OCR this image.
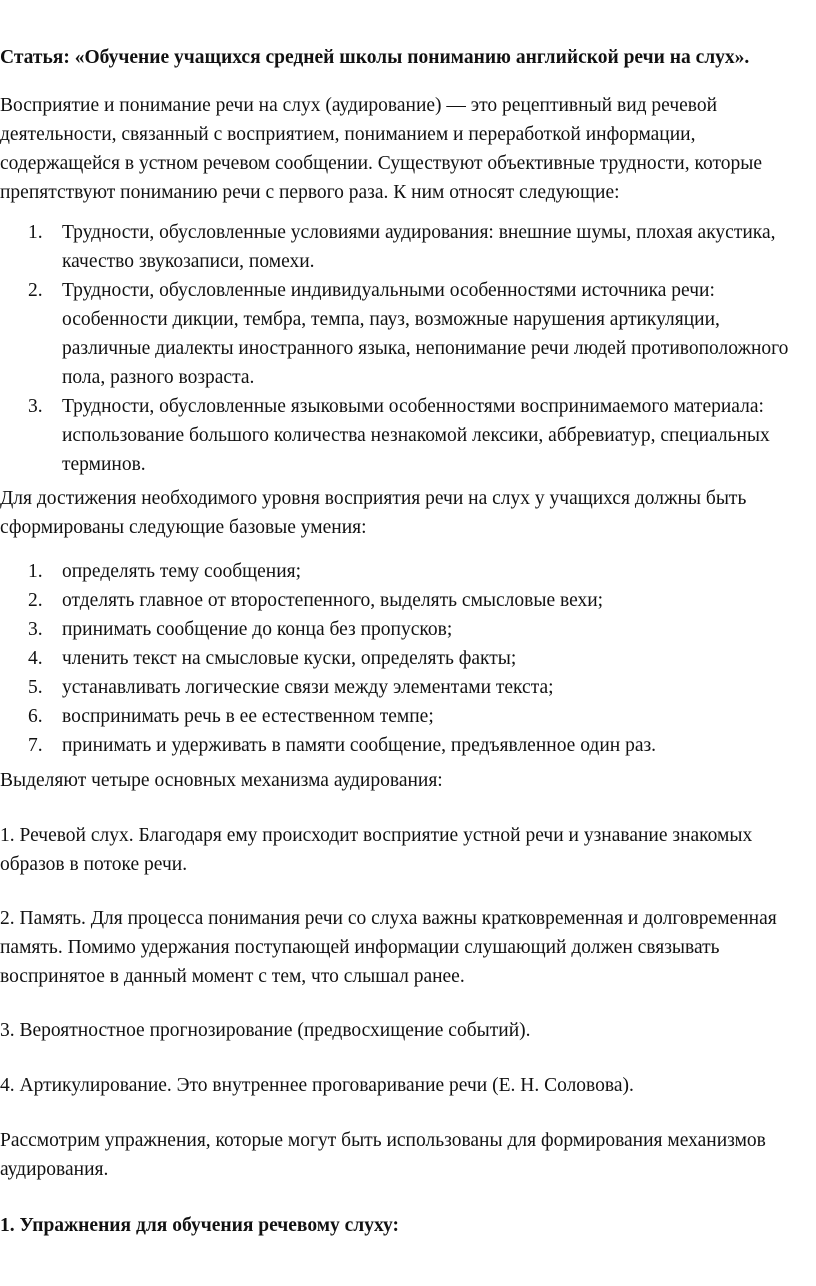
Статья: «Обучение учащихся средней школы пониманию английской речи на слух».

Восприятие и понимание речи на слух (аудирование) — это рецептивный вид речевой деятельности, связанный с восприятием, пониманием и переработкой информации, содержащейся в устном речевом сообщении. Существуют объективные трудности, которые препятствуют пониманию речи с первого раза. К ним относят следующие:

1. Трудности, обусловленные условиями аудирования: внешние шумы, плохая акустика, качество звукозаписи, помехи.
2. Трудности, обусловленные индивидуальными особенностями источника речи: особенности дикции, тембра, темпа, пауз, возможные нарушения артикуляции, различные диалекты иностранного языка, непонимание речи людей противоположного пола, разного возраста.
3. Трудности, обусловленные языковыми особенностями воспринимаемого материала: использование большого количества незнакомой лексики, аббревиатур, специальных терминов.

Для достижения необходимого уровня восприятия речи на слух у учащихся должны быть сформированы следующие базовые умения:

1. определять тему сообщения;
2. отделять главное от второстепенного, выделять смысловые вехи;
3. принимать сообщение до конца без пропусков;
4. членить текст на смысловые куски, определять факты;
5. устанавливать логические связи между элементами текста;
6. воспринимать речь в ее естественном темпе;
7. принимать и удерживать в памяти сообщение, предъявленное один раз.

Выделяют четыре основных механизма аудирования:

1. Речевой слух. Благодаря ему происходит восприятие устной речи и узнавание знакомых образов в потоке речи.

2. Память. Для процесса понимания речи со слуха важны кратковременная и долговременная память. Помимо удержания поступающей информации слушающий должен связывать воспринятое в данный момент с тем, что слышал ранее.

3. Вероятностное прогнозирование (предвосхищение событий).

4. Артикулирование. Это внутреннее проговаривание речи (Е. Н. Соловова).

Рассмотрим упражнения, которые могут быть использованы для формирования механизмов аудирования.

1. Упражнения для обучения речевому слуху:
